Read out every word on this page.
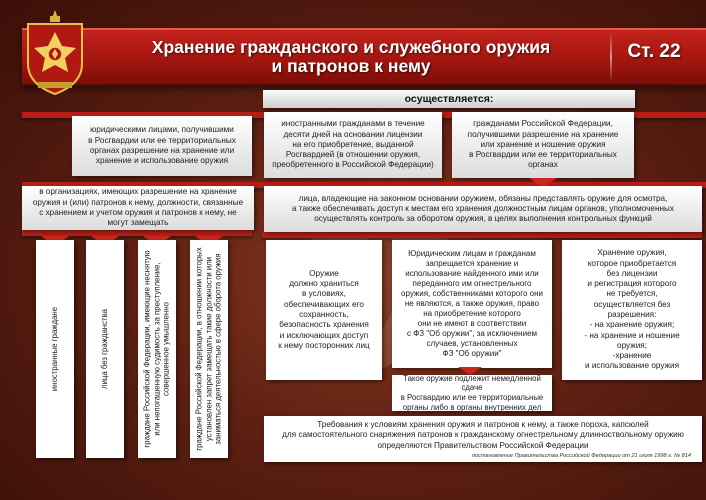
Хранение гражданского и служебного оружия
и патронов к нему
Ст. 22
осуществляется:
юридическими лицами, получившими
в Росгвардии или ее территориальных
органах разрешение на хранение или
хранение и использование оружия
иностранными гражданами в течение
десяти дней на основании лицензии
на его приобретение, выданной
Росгвардией (в отношении оружия,
преобретенного в Российской Федерации)
гражданами Российской Федерации,
получившими разрешение на хранение
или хранение и ношение оружия
в Росгвардии или ее территориальных
органах
в организациях, имеющих разрешение на хранение
оружия и (или) патронов к нему, должности, связанные
с хранением и учетом оружия и патронов к нему, не
могут замещать
иностранные граждане	лица без гражданства	граждане Российской Федерации, имеющие неснятую или непогашенную судимость за преступление, совершенное умышленно	граждане Российской Федерации, в отношении которых установлен запрет замещать такие должности или заниматься деятельностью в сфере оборота оружия
лица, владеющие на законном основании оружием, обязаны представлять оружие для осмотра,
а также обеспечивать доступ к местам его хранения должностным лицам органов, уполномоченных
осуществлять контроль за оборотом оружия, в целях выполнения контрольных функций
Оружие
должно храниться
в условиях,
обеспечивающих его
сохранность,
безопасность хранения
и исключающих доступ
к нему посторонних лиц
Юридическим лицам и гражданам
запрещается хранение и
использование найденного ими или
переданного им огнестрельного
оружия, собственниками которого они
не являются, а также оружия, право
на приобретение которого
они не имеют в соответствии
с ФЗ "Об оружии", за исключением
случаев, установленных
ФЗ "Об оружии"
Такое оружие подлежит немедленной сдаче
в Росгвардию или ее территориальные
органы либо в органы внутренних дел
Хранение оружия,
которое приобретается
без лицензии
и регистрация которого
не требуется,
осуществляется без
разрешения:
- на хранение оружия;
- на хранение и ношение
оружия;
-хранение
и использование оружия
Требования к условиям хранения оружия и патронов к нему, а также пороха, капсюлей
для самостоятельного снаряжения патронов к гражданскому огнестрельному длинноствольному оружию
определяются Правительством Российской Федерации
постановление Правительства Российской Федерации от 21 июля 1998 г. № 814
